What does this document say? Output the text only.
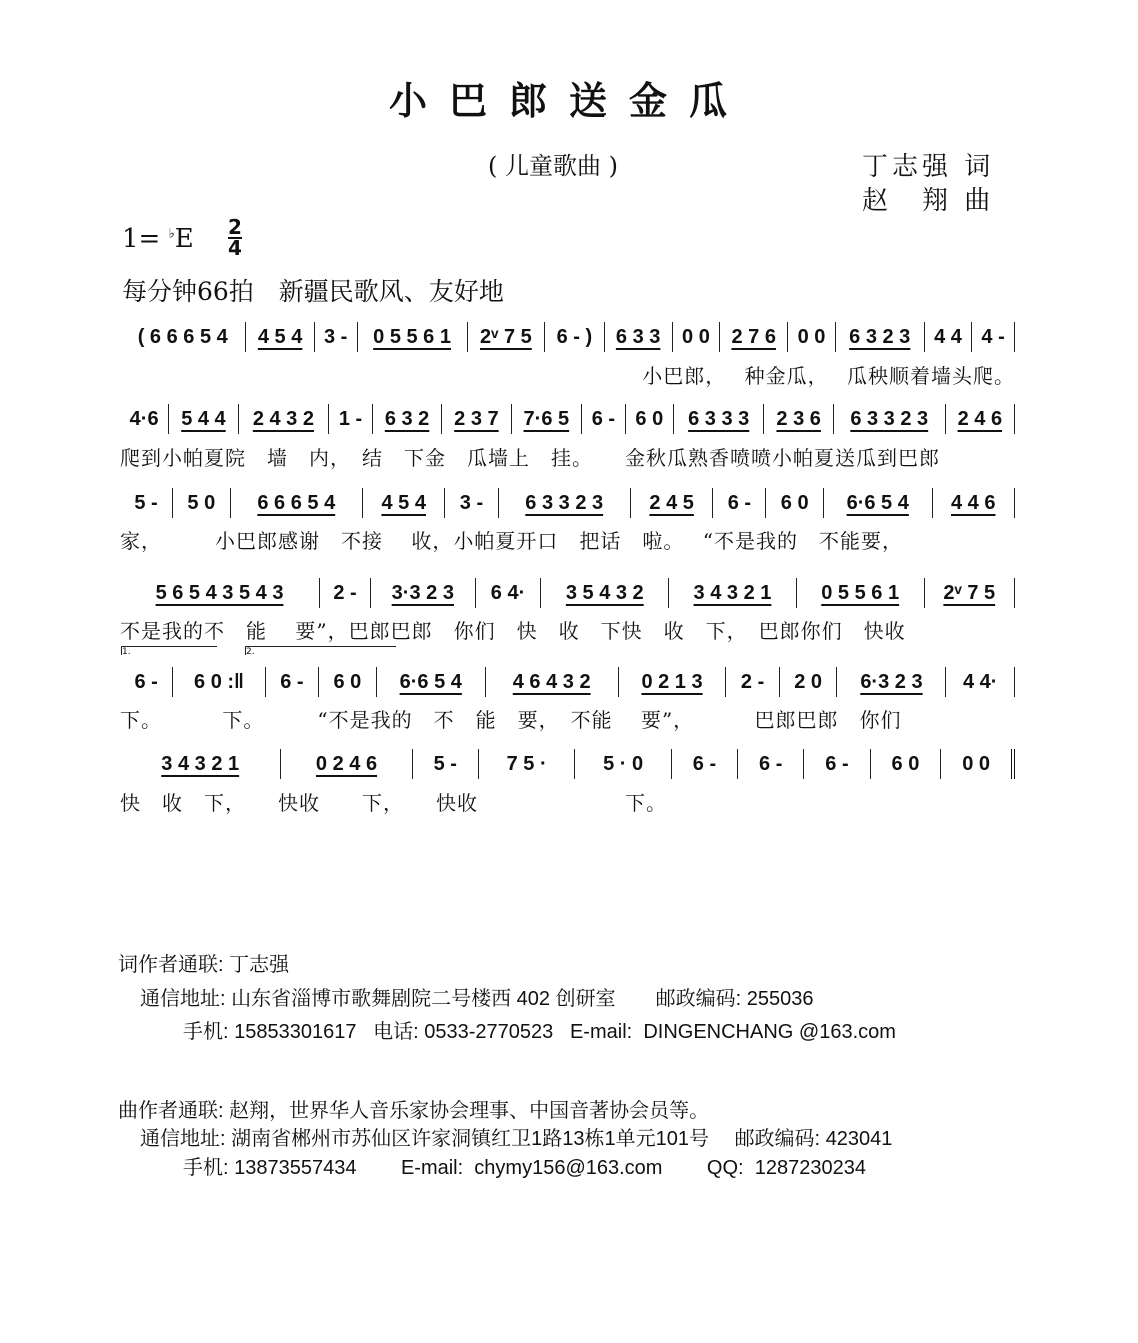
小巴郎送金瓜
( 儿童歌曲 )	丁志强 词
赵　翔 曲
1= ♭E 2
4
每分钟66拍　新疆民歌风、友好地
( 6 6 6 5 4 4 5 4 3 - 0 5 5 6 1 2ᵛ 7 5 6 - ) 6 3 3 0 0 2 7 6 0 0 6 3 2 3 4 4 4 -
小巴郎，　 种金瓜，　 瓜秧顺着墙头爬。
4·6 5 4 4 2 4 3 2 1 - 6 3 2 2 3 7 7·6 5 6 - 6 0 6 3 3 3 2 3 6 6 3 3 2 3 2 4 6
爬到小帕夏院　墙　内，　结　下金　瓜墙上　挂。　　金秋瓜熟香喷喷小帕夏送瓜到巴郎
5 - 5 0 6 6 6 5 4 4 5 4 3 - 6 3 3 2 3 2 4 5 6 - 6 0 6·6 5 4 4 4 6
家，　　　小巴郎感谢　不接　 收，小帕夏开口　把话　啦。　 “不是我的　不能要，
5 6 5 4 3 5 4 3 2 - 3·3 2 3 6 4· 3 5 4 3 2 3 4 3 2 1 0 5 5 6 1 2ᵛ 7 5
不是我的不　能　 要”，巴郎巴郎　你们　快　收　下快　收　下，　巴郎你们　快收
6 - 6 0 :‖ 6 - 6 0 6·6 5 4	4 6 4 3 2	0 2 1 3 2 - 2 0 6·3 2 3 4 4·
下。　　　 下。　　　“不是我的　不　能　要，　不能　 要”，　　　 巴郎巴郎　你们
3 4 3 2 1	0 2 4 6	5 - 7 5 ·	5 · 0 6 - 6 - 6 - 6 0 0 0
快　收　下，　　快收　　下，　　快收　　　　　　　下。
1.	2.
词作者通联: 丁志强
通信地址: 山东省淄博市歌舞剧院二号楼西 402 创研室　　 邮政编码: 255036
手机: 15853301617 电话: 0533-2770523 E-mail: DINGENCHANG @163.com
曲作者通联: 赵翔，世界华人音乐家协会理事、中国音著协会员等。
通信地址: 湖南省郴州市苏仙区许家洞镇红卫1路13栋1单元101号　 邮政编码: 423041
手机: 13873557434 E-mail: chymy156@163.com QQ: 1287230234
